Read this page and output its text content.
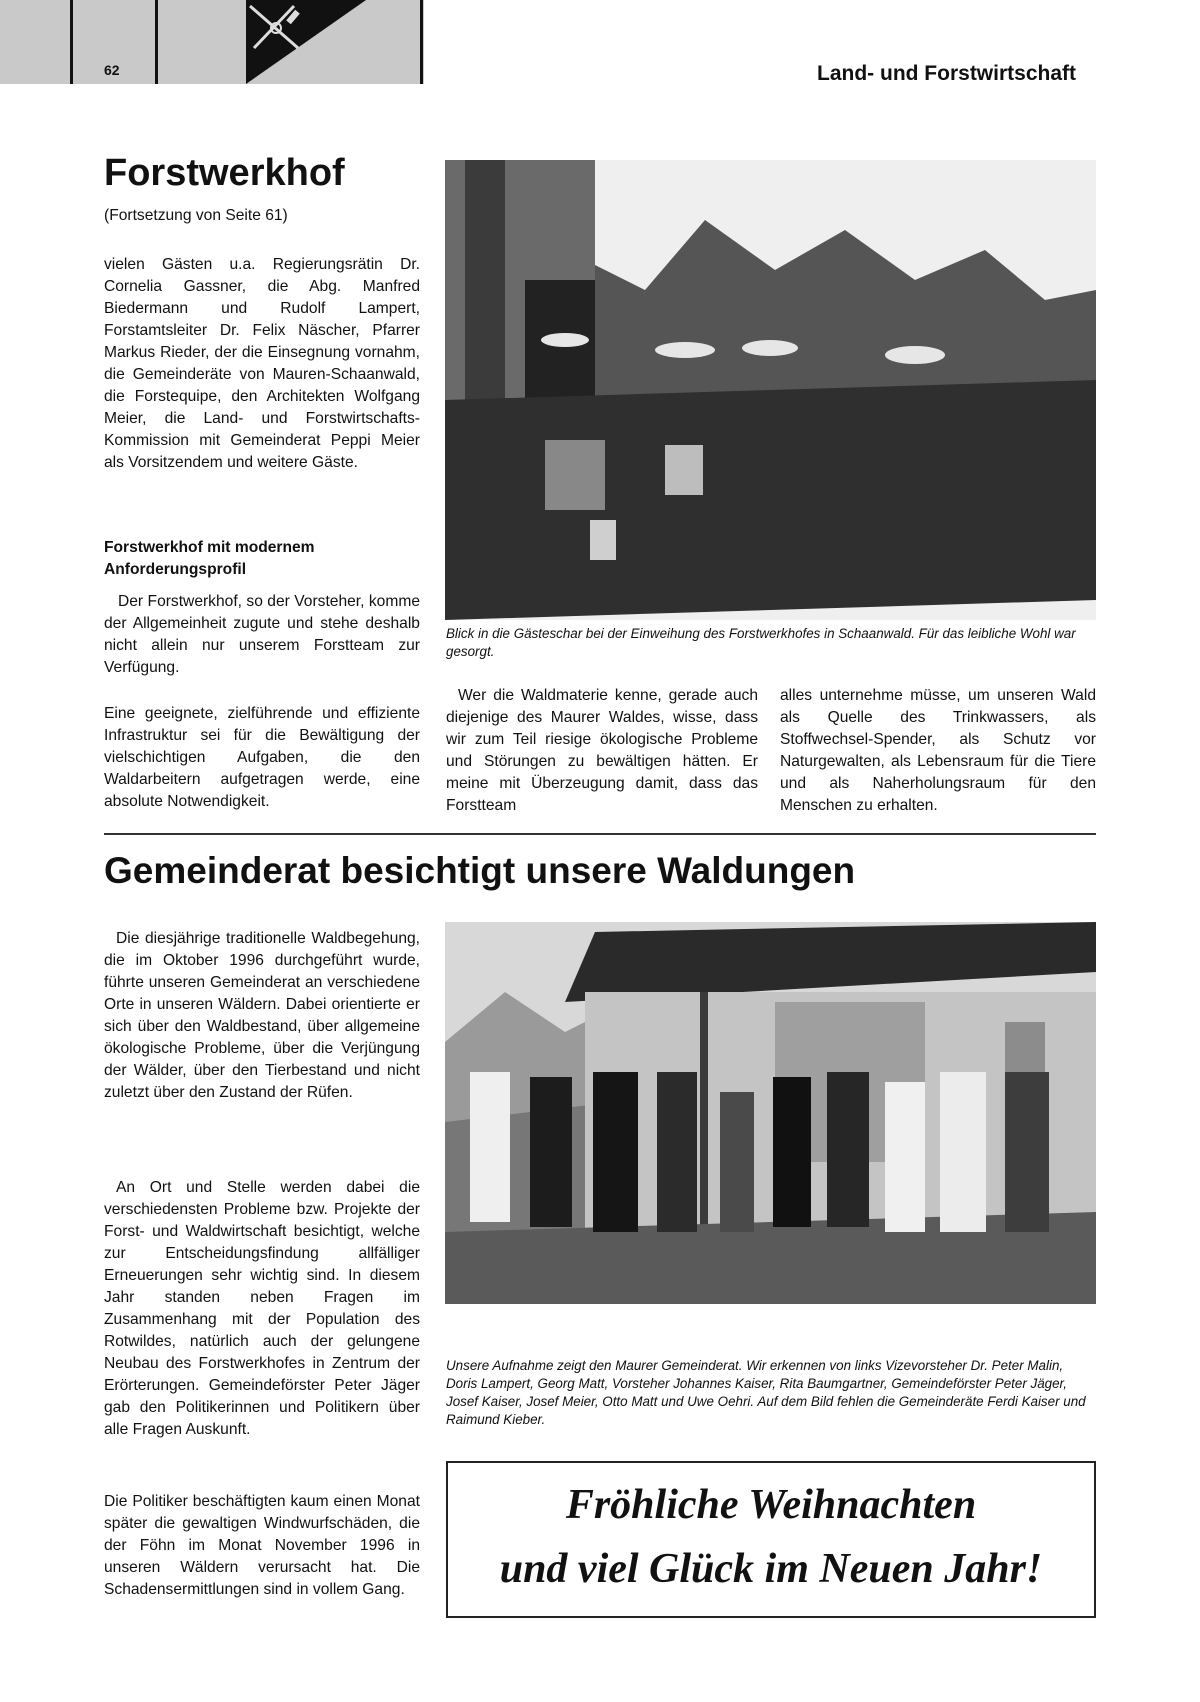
62	Land- und Forstwirtschaft
Forstwerkhof
(Fortsetzung von Seite 61)

vielen Gästen u.a. Regierungsrätin Dr. Cornelia Gassner, die Abg. Manfred Biedermann und Rudolf Lampert, Forstamtsleiter Dr. Felix Näscher, Pfarrer Markus Rieder, der die Einsegnung vornahm, die Gemeinderäte von Mauren-Schaanwald, die Forstequipe, den Architekten Wolfgang Meier, die Land- und Forstwirtschafts-Kommission mit Gemeinderat Peppi Meier als Vorsitzendem und weitere Gäste.

Forstwerkhof mit modernem Anforderungsprofil

Der Forstwerkhof, so der Vorsteher, komme der Allgemeinheit zugute und stehe deshalb nicht allein nur unserem Forstteam zur Verfügung.

Eine geeignete, zielführende und effiziente Infrastruktur sei für die Bewältigung der vielschichtigen Aufgaben, die den Waldarbeitern aufgetragen werde, eine absolute Notwendigkeit.

Blick in die Gästeschar bei der Einweihung des Forstwerkhofes in Schaanwald. Für das leibliche Wohl war gesorgt.

Wer die Waldmaterie kenne, gerade auch diejenige des Maurer Waldes, wisse, dass wir zum Teil riesige ökologische Probleme und Störungen zu bewältigen hätten. Er meine mit Überzeugung damit, dass das Forstteam

alles unternehme müsse, um unseren Wald als Quelle des Trinkwassers, als Stoffwechsel-Spender, als Schutz vor Naturgewalten, als Lebensraum für die Tiere und als Naherholungsraum für den Menschen zu erhalten.

Gemeinderat besichtigt unsere Waldungen

Die diesjährige traditionelle Waldbegehung, die im Oktober 1996 durchgeführt wurde, führte unseren Gemeinderat an verschiedene Orte in unseren Wäldern. Dabei orientierte er sich über den Waldbestand, über allgemeine ökologische Probleme, über die Verjüngung der Wälder, über den Tierbestand und nicht zuletzt über den Zustand der Rüfen.

An Ort und Stelle werden dabei die verschiedensten Probleme bzw. Projekte der Forst- und Waldwirtschaft besichtigt, welche zur Entscheidungsfindung allfälliger Erneuerungen sehr wichtig sind. In diesem Jahr standen neben Fragen im Zusammenhang mit der Population des Rotwildes, natürlich auch der gelungene Neubau des Forstwerkhofes in Zentrum der Erörterungen. Gemeindeförster Peter Jäger gab den Politikerinnen und Politikern über alle Fragen Auskunft.

Die Politiker beschäftigten kaum einen Monat später die gewaltigen Windwurfschäden, die der Föhn im Monat November 1996 in unseren Wäldern verursacht hat. Die Schadensermittlungen sind in vollem Gang.

Unsere Aufnahme zeigt den Maurer Gemeinderat. Wir erkennen von links Vizevorsteher Dr. Peter Malin, Doris Lampert, Georg Matt, Vorsteher Johannes Kaiser, Rita Baumgartner, Gemeindeförster Peter Jäger, Josef Kaiser, Josef Meier, Otto Matt und Uwe Oehri. Auf dem Bild fehlen die Gemeinderäte Ferdi Kaiser und Raimund Kieber.
Fröhliche Weihnachten
und viel Glück im Neuen Jahr!
